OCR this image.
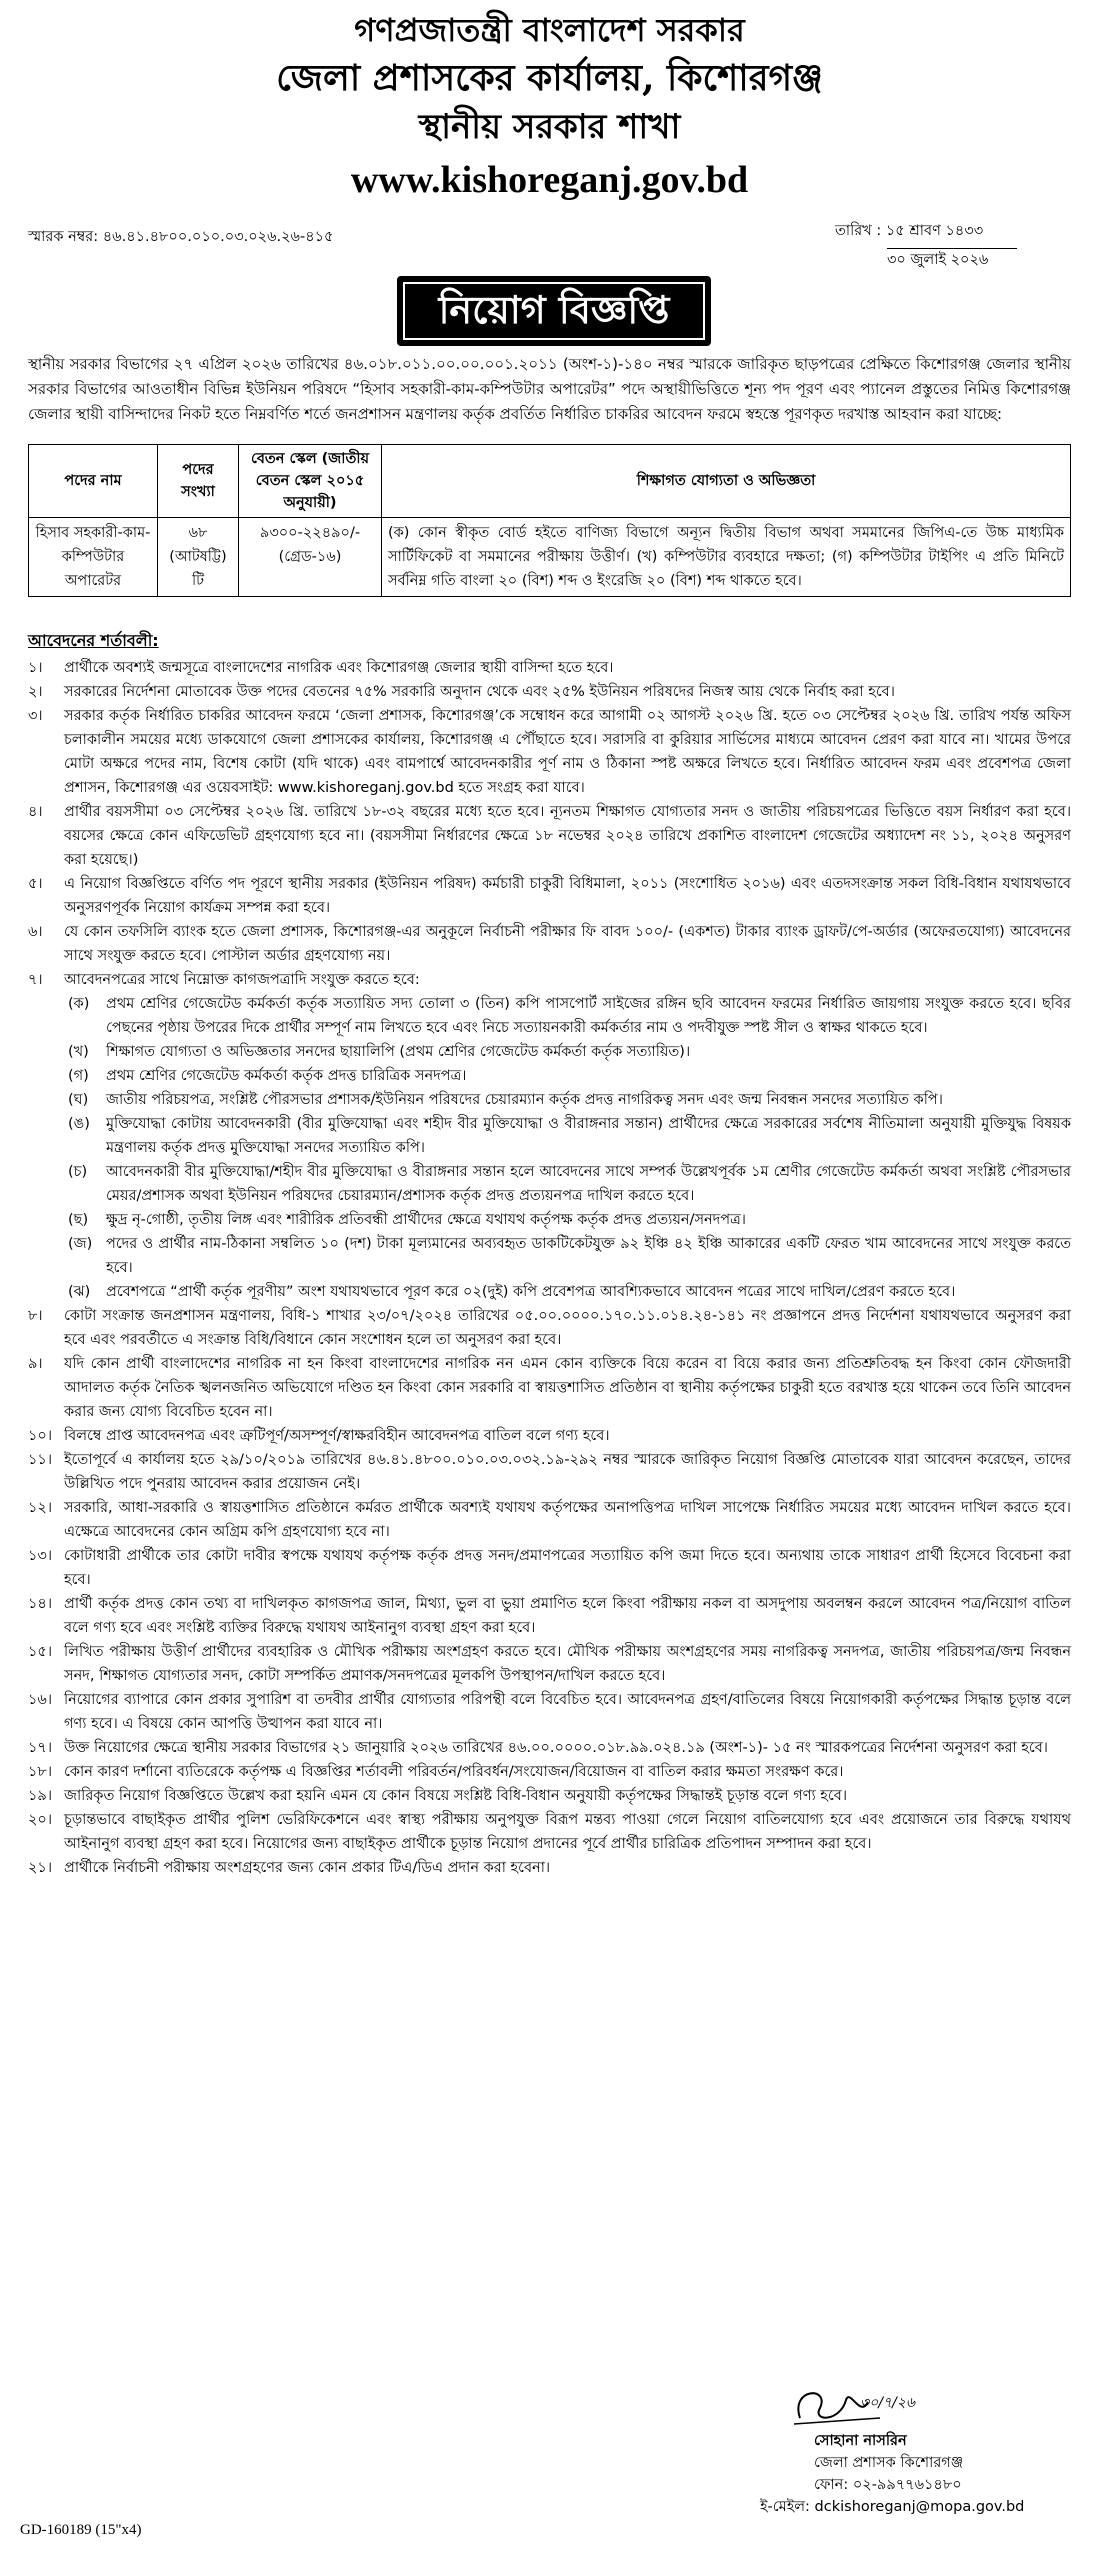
গণপ্রজাতন্ত্রী বাংলাদেশ সরকার
জেলা প্রশাসকের কার্যালয়, কিশোরগঞ্জ
স্থানীয় সরকার শাখা
www.kishoreganj.gov.bd
স্মারক নম্বর: ৪৬.৪১.৪৮০০.০১০.০৩.০২৬.২৬-৪১৫	তারিখ : ১৫ শ্রাবণ ১৪৩৩
৩০ জুলাই ২০২৬
নিয়োগ বিজ্ঞপ্তি
স্থানীয় সরকার বিভাগের ২৭ এপ্রিল ২০২৬ তারিখের ৪৬.০১৮.০১১.০০.০০.০০১.২০১১ (অংশ-১)-১৪০ নম্বর স্মারকে জারিকৃত ছাড়পত্রের প্রেক্ষিতে কিশোরগঞ্জ জেলার স্থানীয় সরকার বিভাগের আওতাধীন বিভিন্ন ইউনিয়ন পরিষদে “হিসাব সহকারী-কাম-কম্পিউটার অপারেটর” পদে অস্থায়ীভিত্তিতে শূন্য পদ পূরণ এবং প্যানেল প্রস্তুতের নিমিত্ত কিশোরগঞ্জ জেলার স্থায়ী বাসিন্দাদের নিকট হতে নিম্নবর্ণিত শর্তে জনপ্রশাসন মন্ত্রণালয় কর্তৃক প্রবর্তিত নির্ধারিত চাকরির আবেদন ফরমে স্বহস্তে পূরণকৃত দরখাস্ত আহবান করা যাচ্ছে:
পদের নাম	পদের সংখ্যা	বেতন স্কেল (জাতীয় বেতন স্কেল ২০১৫ অনুযায়ী)	শিক্ষাগত যোগ্যতা ও অভিজ্ঞতা
হিসাব সহকারী-কাম-কম্পিউটার অপারেটর	৬৮ (আটষট্টি) টি	৯৩০০-২২৪৯০/- (গ্রেড-১৬)	(ক) কোন স্বীকৃত বোর্ড হইতে বাণিজ্য বিভাগে অন্যূন দ্বিতীয় বিভাগ অথবা সমমানের জিপিএ-তে উচ্চ মাধ্যমিক সার্টিফিকেট বা সমমানের পরীক্ষায় উত্তীর্ণ। (খ) কম্পিউটার ব্যবহারে দক্ষতা; (গ) কম্পিউটার টাইপিং এ প্রতি মিনিটে সর্বনিম্ন গতি বাংলা ২০ (বিশ) শব্দ ও ইংরেজি ২০ (বিশ) শব্দ থাকতে হবে।
আবেদনের শর্তাবলী:
১।	প্রার্থীকে অবশ্যই জন্মসূত্রে বাংলাদেশের নাগরিক এবং কিশোরগঞ্জ জেলার স্থায়ী বাসিন্দা হতে হবে।
২।	সরকারের নির্দেশনা মোতাবেক উক্ত পদের বেতনের ৭৫% সরকারি অনুদান থেকে এবং ২৫% ইউনিয়ন পরিষদের নিজস্ব আয় থেকে নির্বাহ করা হবে।
৩।	সরকার কর্তৃক নির্ধারিত চাকরির আবেদন ফরমে ‘জেলা প্রশাসক, কিশোরগঞ্জ’কে সম্বোধন করে আগামী ০২ আগস্ট ২০২৬ খ্রি. হতে ০৩ সেপ্টেম্বর ২০২৬ খ্রি. তারিখ পর্যন্ত অফিস চলাকালীন সময়ের মধ্যে ডাকযোগে জেলা প্রশাসকের কার্যালয়, কিশোরগঞ্জ এ পৌঁছাতে হবে। সরাসরি বা কুরিয়ার সার্ভিসের মাধ্যমে আবেদন প্রেরণ করা যাবে না। খামের উপরে মোটা অক্ষরে পদের নাম, বিশেষ কোটা (যদি থাকে) এবং বামপার্শ্বে আবেদনকারীর পূর্ণ নাম ও ঠিকানা স্পষ্ট অক্ষরে লিখতে হবে। নির্ধারিত আবেদন ফরম এবং প্রবেশপত্র জেলা প্রশাসন, কিশোরগঞ্জ এর ওয়েবসাইট: www.kishoreganj.gov.bd হতে সংগ্রহ করা যাবে।
৪।	প্রার্থীর বয়সসীমা ০৩ সেপ্টেম্বর ২০২৬ খ্রি. তারিখে ১৮-৩২ বছরের মধ্যে হতে হবে। ন্যূনতম শিক্ষাগত যোগ্যতার সনদ ও জাতীয় পরিচয়পত্রের ভিত্তিতে বয়স নির্ধারণ করা হবে। বয়সের ক্ষেত্রে কোন এফিডেভিট গ্রহণযোগ্য হবে না। (বয়সসীমা নির্ধারণের ক্ষেত্রে ১৮ নভেম্বর ২০২৪ তারিখে প্রকাশিত বাংলাদেশ গেজেটের অধ্যাদেশ নং ১১, ২০২৪ অনুসরণ করা হয়েছে।)
৫।	এ নিয়োগ বিজ্ঞপ্তিতে বর্ণিত পদ পূরণে স্থানীয় সরকার (ইউনিয়ন পরিষদ) কর্মচারী চাকুরী বিধিমালা, ২০১১ (সংশোধিত ২০১৬) এবং এতদসংক্রান্ত সকল বিধি-বিধান যথাযথভাবে অনুসরণপূর্বক নিয়োগ কার্যক্রম সম্পন্ন করা হবে।
৬।	যে কোন তফসিলি ব্যাংক হতে জেলা প্রশাসক, কিশোরগঞ্জ-এর অনুকূলে নির্বাচনী পরীক্ষার ফি বাবদ ১০০/- (একশত) টাকার ব্যাংক ড্রাফট/পে-অর্ডার (অফেরতযোগ্য) আবেদনের সাথে সংযুক্ত করতে হবে। পোস্টাল অর্ডার গ্রহণযোগ্য নয়।
৭।	আবেদনপত্রের সাথে নিম্নোক্ত কাগজপত্রাদি সংযুক্ত করতে হবে:
(ক)	প্রথম শ্রেণির গেজেটেড কর্মকর্তা কর্তৃক সত্যায়িত সদ্য তোলা ৩ (তিন) কপি পাসপোর্ট সাইজের রঙ্গিন ছবি আবেদন ফরমের নির্ধারিত জায়গায় সংযুক্ত করতে হবে। ছবির পেছনের পৃষ্ঠায় উপরের দিকে প্রার্থীর সম্পূর্ণ নাম লিখতে হবে এবং নিচে সত্যায়নকারী কর্মকর্তার নাম ও পদবীযুক্ত স্পষ্ট সীল ও স্বাক্ষর থাকতে হবে।
(খ)	শিক্ষাগত যোগ্যতা ও অভিজ্ঞতার সনদের ছায়ালিপি (প্রথম শ্রেণির গেজেটেড কর্মকর্তা কর্তৃক সত্যায়িত)।
(গ)	প্রথম শ্রেণির গেজেটেড কর্মকর্তা কর্তৃক প্রদত্ত চারিত্রিক সনদপত্র।
(ঘ)	জাতীয় পরিচয়পত্র, সংশ্লিষ্ট পৌরসভার প্রশাসক/ইউনিয়ন পরিষদের চেয়ারম্যান কর্তৃক প্রদত্ত নাগরিকত্ব সনদ এবং জন্ম নিবন্ধন সনদের সত্যায়িত কপি।
(ঙ)	মুক্তিযোদ্ধা কোটায় আবেদনকারী (বীর মুক্তিযোদ্ধা এবং শহীদ বীর মুক্তিযোদ্ধা ও বীরাঙ্গনার সন্তান) প্রার্থীদের ক্ষেত্রে সরকারের সর্বশেষ নীতিমালা অনুযায়ী মুক্তিযুদ্ধ বিষয়ক মন্ত্রণালয় কর্তৃক প্রদত্ত মুক্তিযোদ্ধা সনদের সত্যায়িত কপি।
(চ)	আবেদনকারী বীর মুক্তিযোদ্ধা/শহীদ বীর মুক্তিযোদ্ধা ও বীরাঙ্গনার সন্তান হলে আবেদনের সাথে সম্পর্ক উল্লেখপূর্বক ১ম শ্রেণীর গেজেটেড কর্মকর্তা অথবা সংশ্লিষ্ট পৌরসভার মেয়র/প্রশাসক অথবা ইউনিয়ন পরিষদের চেয়ারম্যান/প্রশাসক কর্তৃক প্রদত্ত প্রত্যয়নপত্র দাখিল করতে হবে।
(ছ)	ক্ষুদ্র নৃ-গোষ্ঠী, তৃতীয় লিঙ্গ এবং শারীরিক প্রতিবন্ধী প্রার্থীদের ক্ষেত্রে যথাযথ কর্তৃপক্ষ কর্তৃক প্রদত্ত প্রত্যয়ন/সনদপত্র।
(জ) পদের ও প্রার্থীর নাম-ঠিকানা সম্বলিত ১০ (দশ) টাকা মূল্যমানের অব্যবহৃত ডাকটিকেটযুক্ত ৯২ ইঞ্চি ৪২ ইঞ্চি আকারের একটি ফেরত খাম আবেদনের সাথে সংযুক্ত করতে হবে।
(ঝ)	প্রবেশপত্রে “প্রার্থী কর্তৃক পূরণীয়” অংশ যথাযথভাবে পূরণ করে ০২(দুই) কপি প্রবেশপত্র আবশ্যিকভাবে আবেদন পত্রের সাথে দাখিল/প্রেরণ করতে হবে।
৮।	কোটা সংক্রান্ত জনপ্রশাসন মন্ত্রণালয়, বিধি-১ শাখার ২৩/০৭/২০২৪ তারিখের ০৫.০০.০০০০.১৭০.১১.০১৪.২৪-১৪১ নং প্রজ্ঞাপনে প্রদত্ত নির্দেশনা যথাযথভাবে অনুসরণ করা হবে এবং পরবর্তীতে এ সংক্রান্ত বিধি/বিধানে কোন সংশোধন হলে তা অনুসরণ করা হবে।
৯।	যদি কোন প্রার্থী বাংলাদেশের নাগরিক না হন কিংবা বাংলাদেশের নাগরিক নন এমন কোন ব্যক্তিকে বিয়ে করেন বা বিয়ে করার জন্য প্রতিশ্রুতিবদ্ধ হন কিংবা কোন ফৌজদারী আদালত কর্তৃক নৈতিক স্খলনজনিত অভিযোগে দণ্ডিত হন কিংবা কোন সরকারি বা স্বায়ত্তশাসিত প্রতিষ্ঠান বা স্থানীয় কর্তৃপক্ষের চাকুরী হতে বরখাস্ত হয়ে থাকেন তবে তিনি আবেদন করার জন্য যোগ্য বিবেচিত হবেন না।
১০। বিলম্বে প্রাপ্ত আবেদনপত্র এবং ত্রুটিপূর্ণ/অসম্পূর্ণ/স্বাক্ষরবিহীন আবেদনপত্র বাতিল বলে গণ্য হবে।
১১। ইতোপূর্বে এ কার্যালয় হতে ২৯/১০/২০১৯ তারিখের ৪৬.৪১.৪৮০০.০১০.০৩.০৩২.১৯-২৯২ নম্বর স্মারকে জারিকৃত নিয়োগ বিজ্ঞপ্তি মোতাবেক যারা আবেদন করেছেন, তাদের উল্লিখিত পদে পুনরায় আবেদন করার প্রয়োজন নেই।
১২। সরকারি, আধা-সরকারি ও স্বায়ত্তশাসিত প্রতিষ্ঠানে কর্মরত প্রার্থীকে অবশ্যই যথাযথ কর্তৃপক্ষের অনাপত্তিপত্র দাখিল সাপেক্ষে নির্ধারিত সময়ের মধ্যে আবেদন দাখিল করতে হবে। এক্ষেত্রে আবেদনের কোন অগ্রিম কপি গ্রহণযোগ্য হবে না।
১৩। কোটাধারী প্রার্থীকে তার কোটা দাবীর স্বপক্ষে যথাযথ কর্তৃপক্ষ কর্তৃক প্রদত্ত সনদ/প্রমাণপত্রের সত্যায়িত কপি জমা দিতে হবে। অন্যথায় তাকে সাধারণ প্রার্থী হিসেবে বিবেচনা করা হবে।
১৪। প্রার্থী কর্তৃক প্রদত্ত কোন তথ্য বা দাখিলকৃত কাগজপত্র জাল, মিথ্যা, ভুল বা ভুয়া প্রমাণিত হলে কিংবা পরীক্ষায় নকল বা অসদুপায় অবলম্বন করলে আবেদন পত্র/নিয়োগ বাতিল বলে গণ্য হবে এবং সংশ্লিষ্ট ব্যক্তির বিরুদ্ধে যথাযথ আইনানুগ ব্যবস্থা গ্রহণ করা হবে।
১৫। লিখিত পরীক্ষায় উত্তীর্ণ প্রার্থীদের ব্যবহারিক ও মৌখিক পরীক্ষায় অংশগ্রহণ করতে হবে। মৌখিক পরীক্ষায় অংশগ্রহণের সময় নাগরিকত্ব সনদপত্র, জাতীয় পরিচয়পত্র/জন্ম নিবন্ধন সনদ, শিক্ষাগত যোগ্যতার সনদ, কোটা সম্পর্কিত প্রমাণক/সনদপত্রের মূলকপি উপস্থাপন/দাখিল করতে হবে।
১৬। নিয়োগের ব্যাপারে কোন প্রকার সুপারিশ বা তদবীর প্রার্থীর যোগ্যতার পরিপন্থী বলে বিবেচিত হবে। আবেদনপত্র গ্রহণ/বাতিলের বিষয়ে নিয়োগকারী কর্তৃপক্ষের সিদ্ধান্ত চূড়ান্ত বলে গণ্য হবে। এ বিষয়ে কোন আপত্তি উত্থাপন করা যাবে না।
১৭। উক্ত নিয়োগের ক্ষেত্রে স্থানীয় সরকার বিভাগের ২১ জানুয়ারি ২০২৬ তারিখের ৪৬.০০.০০০০.০১৮.৯৯.০২৪.১৯ (অংশ-১)- ১৫ নং স্মারকপত্রের নির্দেশনা অনুসরণ করা হবে।
১৮। কোন কারণ দর্শানো ব্যতিরেকে কর্তৃপক্ষ এ বিজ্ঞপ্তির শর্তাবলী পরিবর্তন/পরিবর্ধন/সংযোজন/বিয়োজন বা বাতিল করার ক্ষমতা সংরক্ষণ করে।
১৯। জারিকৃত নিয়োগ বিজ্ঞপ্তিতে উল্লেখ করা হয়নি এমন যে কোন বিষয়ে সংশ্লিষ্ট বিধি-বিধান অনুযায়ী কর্তৃপক্ষের সিদ্ধান্তই চূড়ান্ত বলে গণ্য হবে।
২০। চূড়ান্তভাবে বাছাইকৃত প্রার্থীর পুলিশ ভেরিফিকেশনে এবং স্বাস্থ্য পরীক্ষায় অনুপযুক্ত বিরূপ মন্তব্য পাওয়া গেলে নিয়োগ বাতিলযোগ্য হবে এবং প্রয়োজনে তার বিরুদ্ধে যথাযথ আইনানুগ ব্যবস্থা গ্রহণ করা হবে। নিয়োগের জন্য বাছাইকৃত প্রার্থীকে চূড়ান্ত নিয়োগ প্রদানের পূর্বে প্রার্থীর চারিত্রিক প্রতিপাদন সম্পাদন করা হবে।
২১। প্রার্থীকে নির্বাচনী পরীক্ষায় অংশগ্রহণের জন্য কোন প্রকার টিএ/ডিএ প্রদান করা হবেনা।
৩০/৭/২৬
সোহানা নাসরিন
জেলা প্রশাসক কিশোরগঞ্জ
ফোন: ০২-৯৯৭৭৬১৪৮০
ই-মেইল: dckishoreganj@mopa.gov.bd
GD-160189 (15"x4)
